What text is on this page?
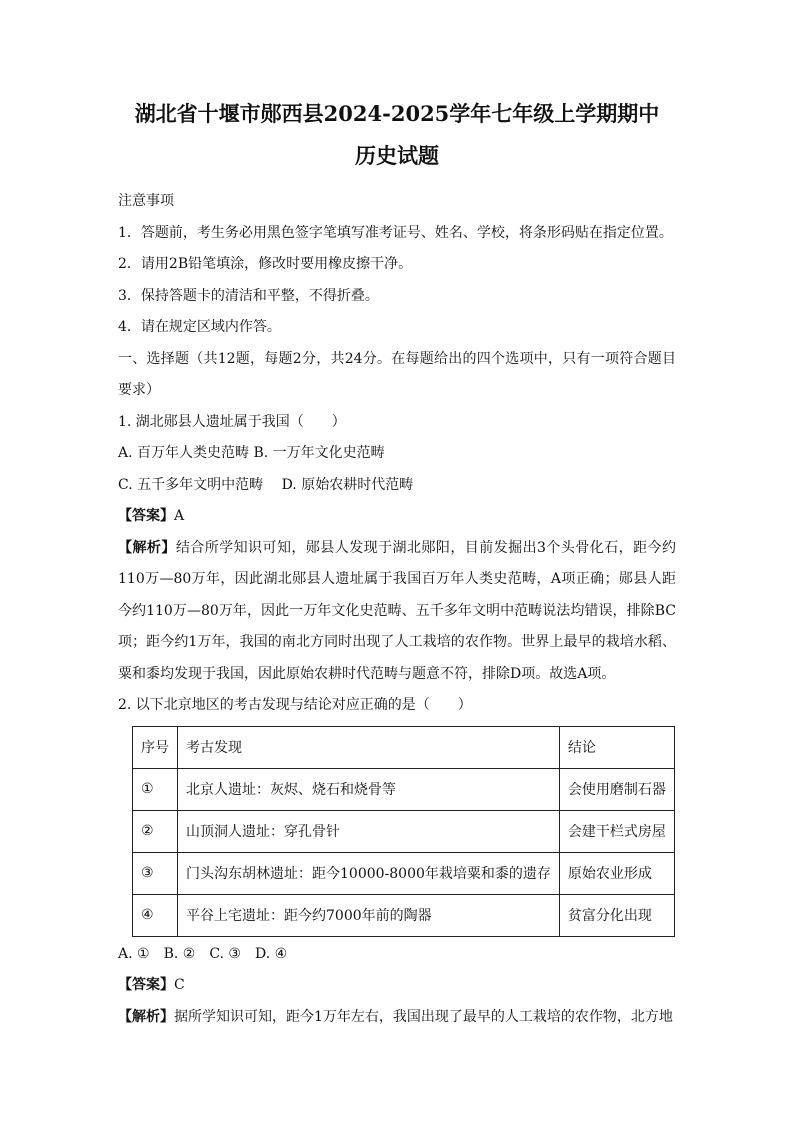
湖北省十堰市郧西县2024-2025学年七年级上学期期中

历史试题

注意事项

1．答题前，考生务必用黑色签字笔填写准考证号、姓名、学校，将条形码贴在指定位置。

2．请用2B铅笔填涂，修改时要用橡皮擦干净。

3．保持答题卡的清洁和平整，不得折叠。

4．请在规定区域内作答。

一、选择题（共12题，每题2分，共24分。在每题给出的四个选项中，只有一项符合题目要求）

1. 湖北郧县人遗址属于我国（　　）

A. 百万年人类史范畴 B. 一万年文化史范畴

C. 五千多年文明中范畴　 D. 原始农耕时代范畴

【答案】A

【解析】结合所学知识可知，郧县人发现于湖北郧阳，目前发掘出3个头骨化石，距今约110万—80万年，因此湖北郧县人遗址属于我国百万年人类史范畴，A项正确；郧县人距今约110万—80万年，因此一万年文化史范畴、五千多年文明中范畴说法均错误，排除BC项；距今约1万年，我国的南北方同时出现了人工栽培的农作物。世界上最早的栽培水稻、粟和黍均发现于我国，因此原始农耕时代范畴与题意不符，排除D项。故选A项。

2. 以下北京地区的考古发现与结论对应正确的是（　　）

序号	考古发现	结论
①	北京人遗址：灰烬、烧石和烧骨等	会使用磨制石器
②	山顶洞人遗址：穿孔骨针	会建干栏式房屋
③	门头沟东胡林遗址：距今10000-8000年栽培粟和黍的遗存	原始农业形成
④	平谷上宅遗址：距今约7000年前的陶器	贫富分化出现

A. ① B. ② C. ③ D. ④

【答案】C

【解析】据所学知识可知，距今1万年左右，我国出现了最早的人工栽培的农作物，北方地
